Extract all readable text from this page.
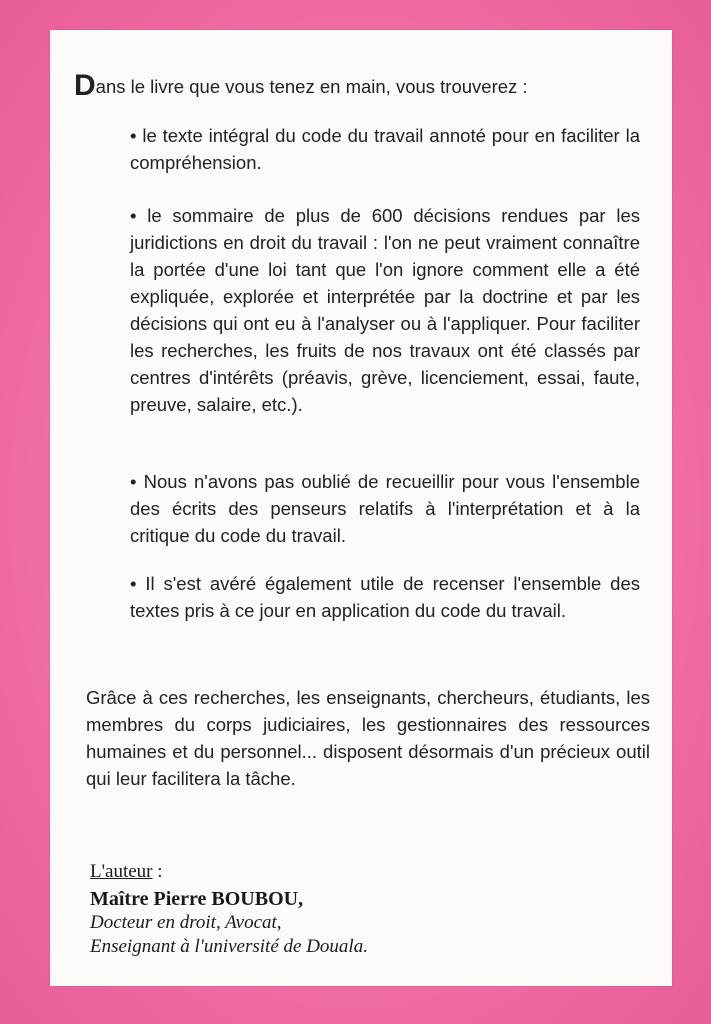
Dans le livre que vous tenez en main, vous trouverez :
• le texte intégral du code du travail annoté pour en faciliter la compréhension.
• le sommaire de plus de 600 décisions rendues par les juridictions en droit du travail : l'on ne peut vraiment connaître la portée d'une loi tant que l'on ignore comment elle a été expliquée, explorée et interprétée par la doctrine et par les décisions qui ont eu à l'analyser ou à l'appliquer. Pour faciliter les recherches, les fruits de nos travaux ont été classés par centres d'intérêts (préavis, grève, licenciement, essai, faute, preuve, salaire, etc.).
• Nous n'avons pas oublié de recueillir pour vous l'ensemble des écrits des penseurs relatifs à l'interprétation et à la critique du code du travail.
• Il s'est avéré également utile de recenser l'ensemble des textes pris à ce jour en application du code du travail.
Grâce à ces recherches, les enseignants, chercheurs, étudiants, les membres du corps judiciaires, les gestionnaires des ressources humaines et du personnel... disposent désormais d'un précieux outil qui leur facilitera la tâche.
L'auteur :
Maître Pierre BOUBOU,
Docteur en droit, Avocat,
Enseignant à l'université de Douala.
